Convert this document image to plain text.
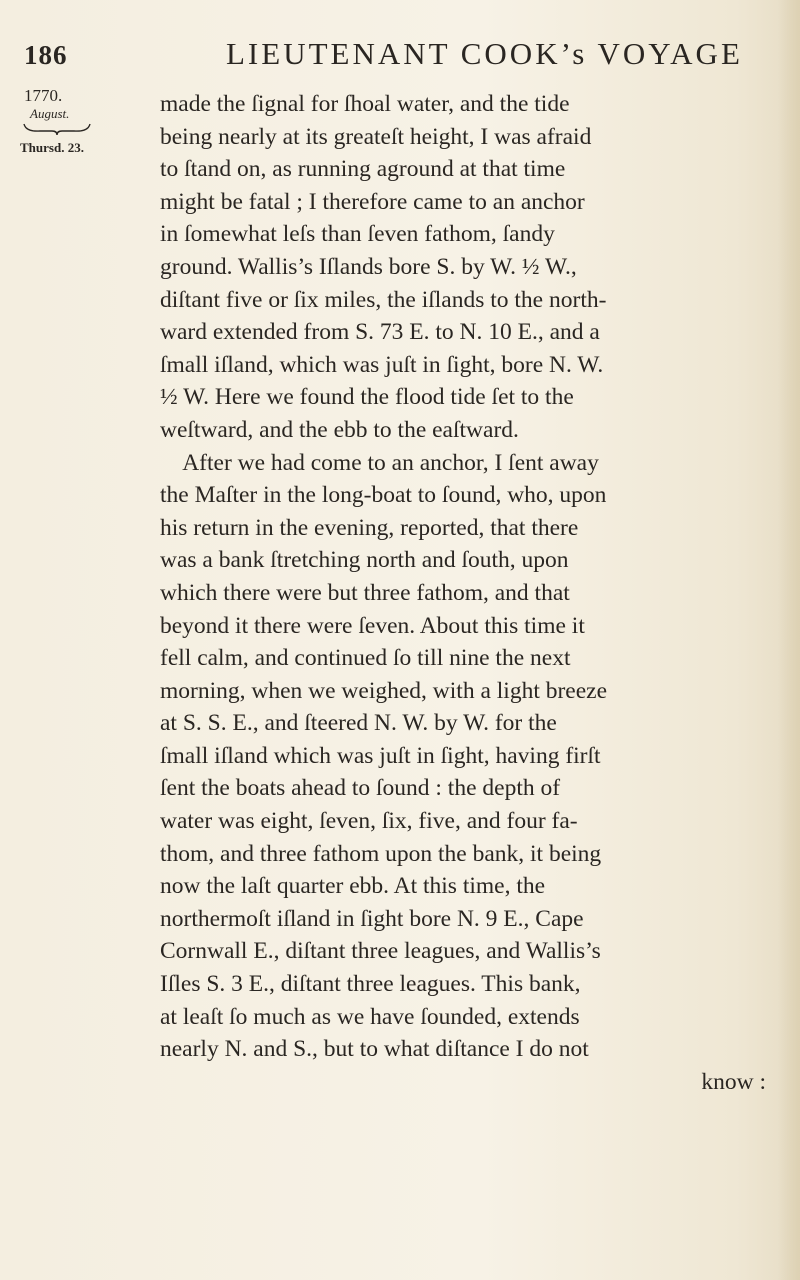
186	LIEUTENANT COOK’s VOYAGE
1770.
August.
Thursd. 23.
made the ſignal for ſhoal water, and the tide
being nearly at its greateſt height, I was afraid
to ſtand on, as running aground at that time
might be fatal ; I therefore came to an anchor
in ſomewhat leſs than ſeven fathom, ſandy
ground. Wallis’s Iſlands bore S. by W. ½ W.,
diſtant five or ſix miles, the iſlands to the north-
ward extended from S. 73 E. to N. 10 E., and a
ſmall iſland, which was juſt in ſight, bore N. W.
½ W. Here we found the flood tide ſet to the
weſtward, and the ebb to the eaſtward.
After we had come to an anchor, I ſent away
the Maſter in the long-boat to ſound, who, upon
his return in the evening, reported, that there
was a bank ſtretching north and ſouth, upon
which there were but three fathom, and that
beyond it there were ſeven. About this time it
fell calm, and continued ſo till nine the next
morning, when we weighed, with a light breeze
at S. S. E., and ſteered N. W. by W. for the
ſmall iſland which was juſt in ſight, having firſt
ſent the boats ahead to ſound : the depth of
water was eight, ſeven, ſix, five, and four fa-
thom, and three fathom upon the bank, it being
now the laſt quarter ebb. At this time, the
northermoſt iſland in ſight bore N. 9 E., Cape
Cornwall E., diſtant three leagues, and Wallis’s
Iſles S. 3 E., diſtant three leagues. This bank,
at leaſt ſo much as we have ſounded, extends
nearly N. and S., but to what diſtance I do not
know :
